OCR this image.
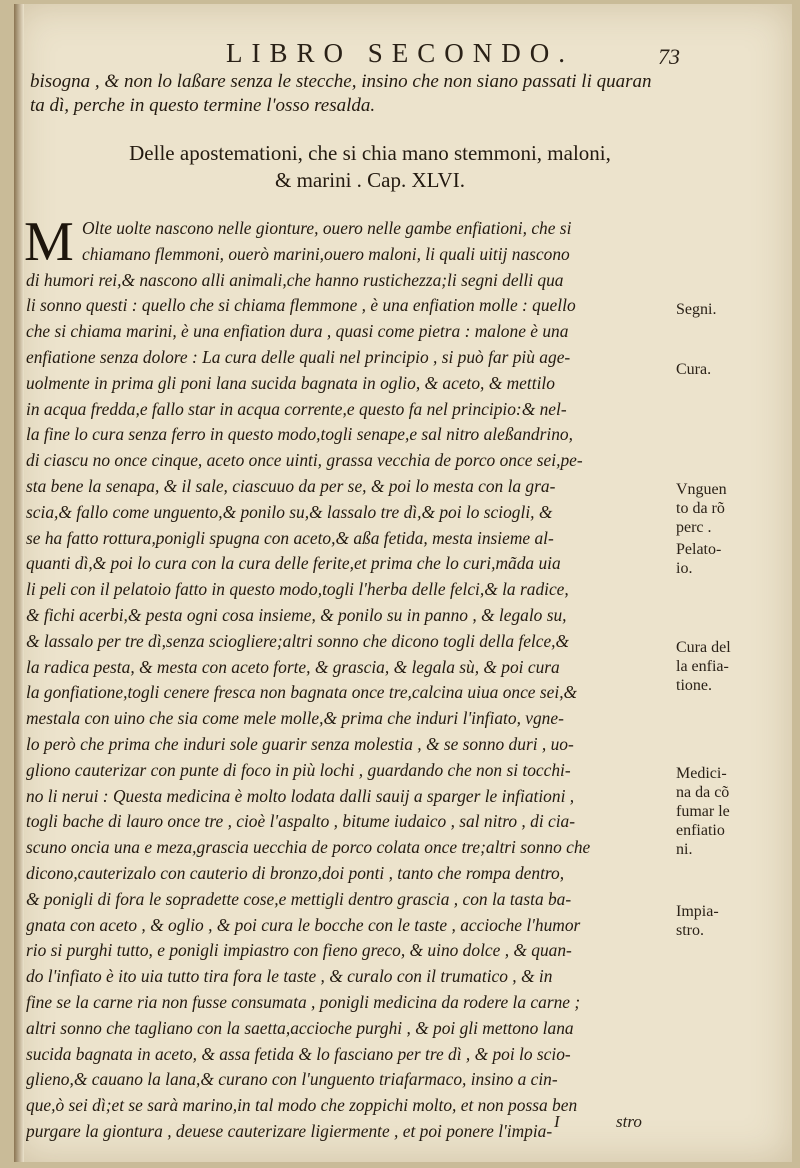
LIBRO SECONDO.	73
bisogna , & non lo laßare senza le stecche, insino che non siano passati li quaran
ta dì, perche in questo termine l'osso resalda.
Delle apostemationi, che si chia mano stemmoni, maloni,
& marini . Cap. XLVI.
M Olte uolte nascono nelle gionture, ouero nelle gambe enfiationi, che si
chiamano flemmoni, ouerò marini,ouero maloni, li quali uitij nascono
di humori rei,& nascono alli animali,che hanno rustichezza;li segni delli qua
li sonno questi : quello che si chiama flemmone , è una enfiation molle : quello
che si chiama marini, è una enfiation dura , quasi come pietra : malone è una
enfiatione senza dolore : La cura delle quali nel principio , si può far più age-
uolmente in prima gli poni lana sucida bagnata in oglio, & aceto, & mettilo
in acqua fredda,e fallo star in acqua corrente,e questo fa nel principio:& nel-
la fine lo cura senza ferro in questo modo,togli senape,e sal nitro aleßandrino,
di ciascu no once cinque, aceto once uinti, grassa vecchia de porco once sei,pe-
sta bene la senapa, & il sale, ciascuuo da per se, & poi lo mesta con la gra-
scia,& fallo come unguento,& ponilo su,& lassalo tre dì,& poi lo sciogli, &
se ha fatto rottura,ponigli spugna con aceto,& aßa fetida, mesta insieme al-
quanti dì,& poi lo cura con la cura delle ferite,et prima che lo curi,mãda uia
li peli con il pelatoio fatto in questo modo,togli l'herba delle felci,& la radice,
& fichi acerbi,& pesta ogni cosa insieme, & ponilo su in panno , & legalo su,
& lassalo per tre dì,senza sciogliere;altri sonno che dicono togli della felce,&
la radica pesta, & mesta con aceto forte, & grascia, & legala sù, & poi cura
la gonfiatione,togli cenere fresca non bagnata once tre,calcina uiua once sei,&
mestala con uino che sia come mele molle,& prima che induri l'infiato, vgne-
lo però che prima che induri sole guarir senza molestia , & se sonno duri , uo-
gliono cauterizar con punte di foco in più lochi , guardando che non si tocchi-
no li nerui : Questa medicina è molto lodata dalli sauij a sparger le infiationi ,
togli bache di lauro once tre , cioè l'aspalto , bitume iudaico , sal nitro , di cia-
scuno oncia una e meza,grascia uecchia de porco colata once tre;altri sonno che
dicono,cauterizalo con cauterio di bronzo,doi ponti , tanto che rompa dentro,
& ponigli di fora le sopradette cose,e mettigli dentro grascia , con la tasta ba-
gnata con aceto , & oglio , & poi cura le bocche con le taste , accioche l'humor
rio si purghi tutto, e ponigli impiastro con fieno greco, & uino dolce , & quan-
do l'infiato è ito uia tutto tira fora le taste , & curalo con il trumatico , & in
fine se la carne ria non fusse consumata , ponigli medicina da rodere la carne ;
altri sonno che tagliano con la saetta,accioche purghi , & poi gli mettono lana
sucida bagnata in aceto, & assa fetida & lo fasciano per tre dì , & poi lo scio-
glieno,& cauano la lana,& curano con l'unguento triafarmaco, insino a cin-
que,ò sei dì;et se sarà marino,in tal modo che zoppichi molto, et non possa ben
purgare la giontura , deuese cauterizare ligiermente , et poi ponere l'impia-
Segni.
Cura.
Vnguen
to da rõ
perc .
Pelato-
io.
Cura del
la enfia-
tione.
Medici-
na da cõ
fumar le
enfiatio
ni.
Impia-
stro.
I	stro
